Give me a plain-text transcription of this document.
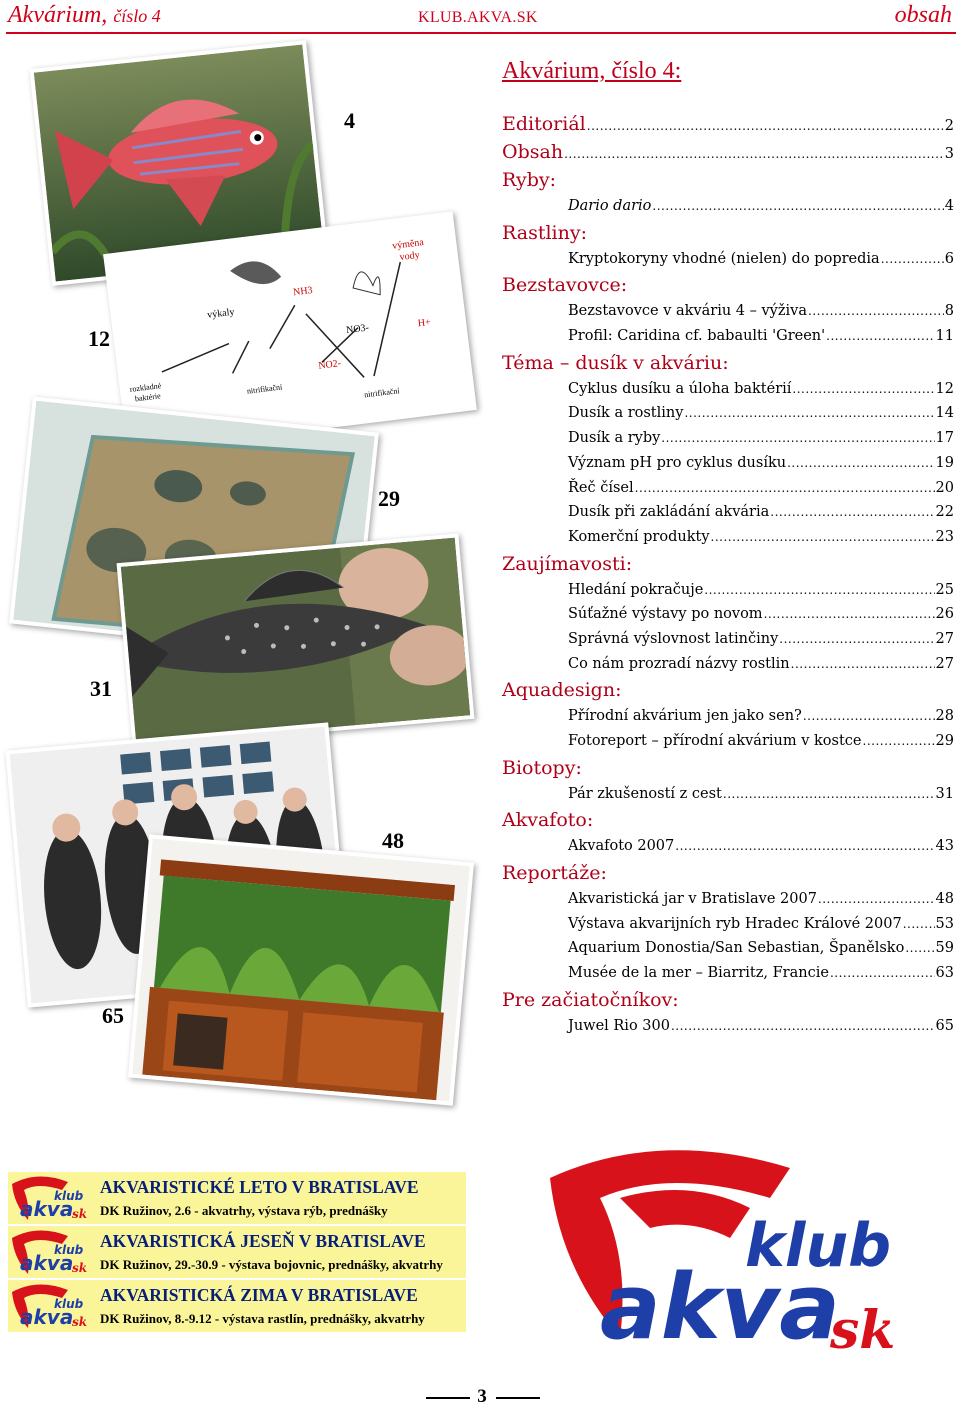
Akvárium, číslo 4	KLUB.AKVA.SK	obsah
Akvárium, číslo 4:
Editoriál .....	2
Obsah .....	3
Ryby:
Dario dario .....	4
Rastliny:
Kryptokoryny vhodné (nielen) do popredia .....	6
Bezstavovce:
Bezstavovce v akváriu 4 – výživa .....	8
Profil: Caridina cf. babaulti 'Green' .....	11
Téma – dusík v akváriu:
Cyklus dusíku a úloha baktérií .....	12
Dusík a rostliny .....	14
Dusík a ryby .....	17
Význam pH pro cyklus dusíku .....	19
Řeč čísel .....	20
Dusík při zakládání akvária .....	22
Komerční produkty .....	23
Zaujímavosti:
Hledání pokračuje .....	25
Súťažné výstavy po novom .....	26
Správná výslovnost latinčiny .....	27
Co nám prozradí názvy rostlin .....	27
Aquadesign:
Přírodní akvárium jen jako sen? .....	28
Fotoreport – přírodní akvárium v kostce .....	29
Biotopy:
Pár zkušeností z cest .....	31
Akvafoto:
Akvafoto 2007 .....	43
Reportáže:
Akvaristická jar v Bratislave 2007 .....	48
Výstava akvarijních ryb Hradec Králové 2007 ..... 53
Aquarium Donostia/San Sebastian, Španělsko ..... 59
Musée de la mer – Biarritz, Francie .....	63
Pre začiatočníkov:
Juwel Rio 300 .....	65
výměna
vody
výkaly
rozkladné
baktérie
nitrifikační	nitrifikační
NH3
NO2-
NO3-	H+
4
12
29
31
48
65
akva
klub
sk
AKVARISTICKÉ LETO V BRATISLAVE
DK Ružinov, 2.6 - akvatrhy, výstava rýb, prednášky
akva
klub
sk
AKVARISTICKÁ JESEŇ V BRATISLAVE
DK Ružinov, 29.-30.9 - výstava bojovnic, prednášky, akvatrhy
akva
klub
sk
AKVARISTICKÁ ZIMA V BRATISLAVE
DK Ružinov, 8.-9.12 - výstava rastlín, prednášky, akvatrhy
klub
akva
sk
3
